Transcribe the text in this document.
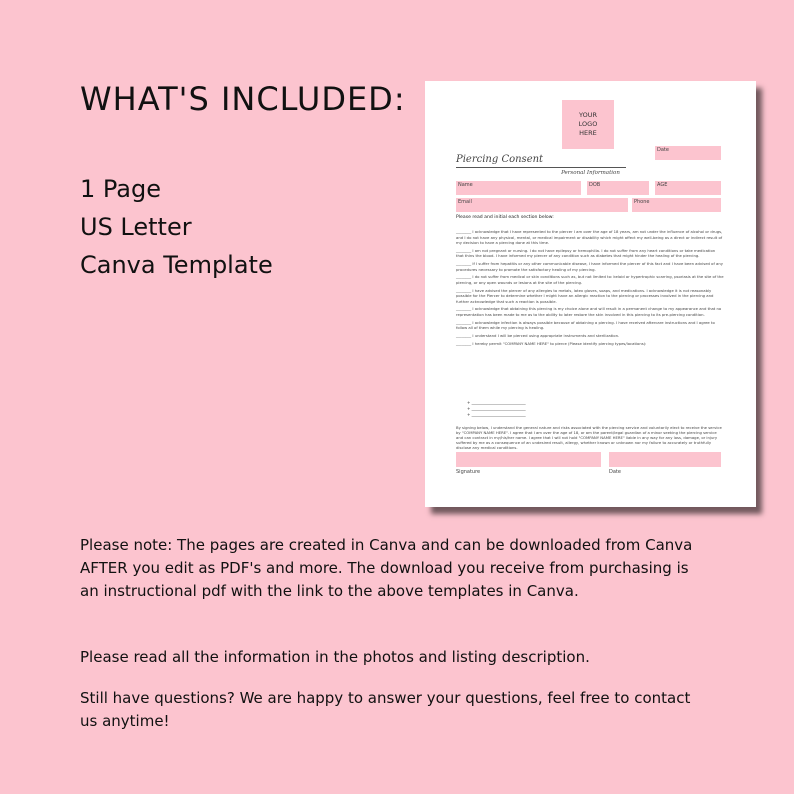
WHAT'S INCLUDED:
1 Page
US Letter
Canva Template
YOUR
LOGO
HERE
Date
Piercing Consent
Personal Information
Name	DOB	AGE
Email	Phone
Please read and initial each section below:

________ I acknowledge that I have represented to the piercer I am over the age of 18 years, am not under the influence of alcohol or drugs, and I do not have any physical, mental, or medical impairment or disability which might affect my well-being as a direct or indirect result of my decision to have a piercing done at this time.

________ I am not pregnant or nursing. I do not have epilepsy or hemophilia. I do not suffer from any heart conditions or take medication that thins the blood. I have informed my piercer of any condition such as diabetes that might hinder the healing of the piercing.

________ If I suffer from hepatitis or any other communicable disease, I have informed the piercer of this fact and I have been advised of any procedures necessary to promote the satisfactory healing of my piercing.

________ I do not suffer from medical or skin conditions such as, but not limited to: keloid or hypertrophic scarring, psoriasis at the site of the piercing, or any open wounds or lesions at the site of the piercing.

________ I have advised the piercer of any allergies to metals, latex gloves, soaps, and medications. I acknowledge it is not reasonably possible for the Piercer to determine whether I might have an allergic reaction to the piercing or processes involved in the piercing and further acknowledge that such a reaction is possible.

________ I acknowledge that obtaining this piercing is my choice alone and will result in a permanent change to my appearance and that no representation has been made to me as to the ability to later restore the skin involved in this piercing to its pre-piercing condition.

________ I acknowledge infection is always possible because of obtaining a piercing. I have received aftercare instructions and I agree to follow all of them while my piercing is healing.

________ I understand I will be pierced using appropriate instruments and sterilization.

________ I hereby permit "COMPANY NAME HERE" to pierce (Please identify piercing types/locations):

+ ___________________________
+ ___________________________
+ ___________________________

By signing below, I understand the general nature and risks associated with the piercing service and voluntarily elect to receive the service by "COMPANY NAME HERE". I agree that I am over the age of 18, or am the parent/legal guardian of a minor seeking the piercing service and can contract in my/his/her name. I agree that I will not hold "COMPANY NAME HERE" liable in any way for any loss, damage, or injury suffered by me as a consequence of an undesired result, allergy, whether known or unknown nor my failure to accurately or truthfully disclose any medical conditions.

Signature	Date

Please note: The pages are created in Canva and can be downloaded from Canva AFTER you edit as PDF's and more. The download you receive from purchasing is an instructional pdf with the link to the above templates in Canva.

Please read all the information in the photos and listing description.

Still have questions? We are happy to answer your questions, feel free to contact us anytime!
